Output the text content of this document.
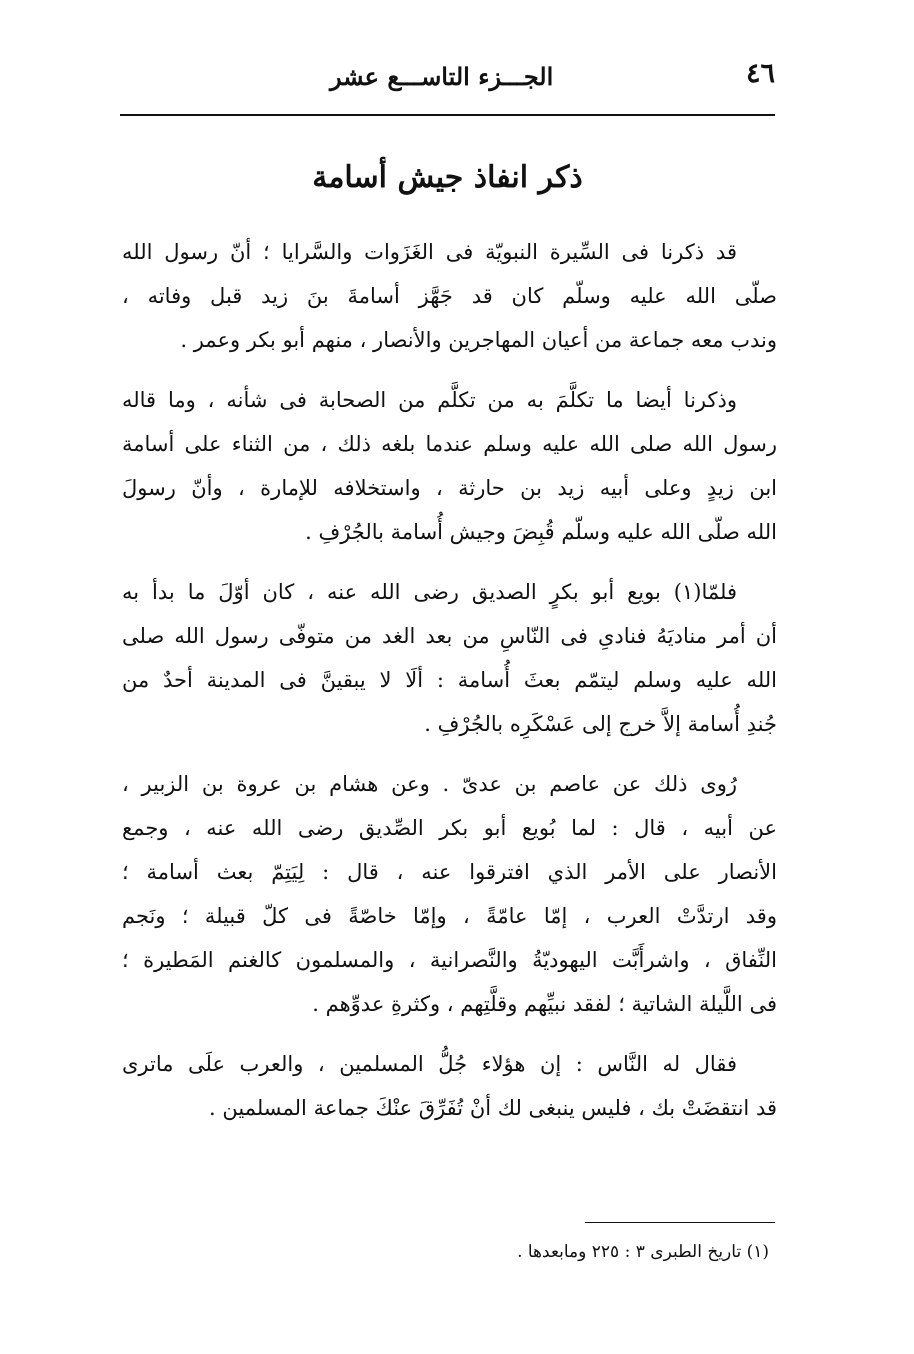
٤٦
الجـــزء التاســـع عشر
ذكر انفاذ جيش أسامة

قد ذكرنا فى السِّيرة النبويّة فى الغَزَوات والسَّرايا ؛ أنّ رسول الله
صلّى الله عليه وسلّم كان قد جَهَّز أسامةَ بنَ زيد قبل وفاته ،
وندب معه جماعة من أعيان المهاجرين والأنصار ، منهم أبو بكر وعمر .

وذكرنا أيضا ما تكلَّمَ به من تكلَّم من الصحابة فى شأنه ، وما قاله
رسول الله صلى الله عليه وسلم عندما بلغه ذلك ، من الثناء على أسامة
ابن زيدٍ وعلى أبيه زيد بن حارثة ، واستخلافه للإمارة ، وأنّ رسولَ
الله صلّى الله عليه وسلّم قُبِضَ وجيش أُسامة بالجُرْفِ .

فلمّا(١) بويع أبو بكرٍ الصديق رضى الله عنه ، كان أوّلَ ما بدأ به
أن أمر مناديَهُ فنادىِ فى النّاسِ من بعد الغد من متوفّى رسول الله صلى
الله عليه وسلم ليتمّم بعثَ أُسامة : ألَا لا يبقينَّ فى المدينة أحدٌ من
جُندِ أُسامة إلاَّ خرج إلى عَسْكَرِه بالجُرْفِ .

رُوى ذلك عن عاصم بن عدىّ . وعن هشام بن عروة بن الزبير ،
عن أبيه ، قال : لما بُويع أبو بكر الصِّديق رضى الله عنه ، وجمع
الأنصار على الأمر الذي افترقوا عنه ، قال : لِيَتِمّ بعث أسامة ؛
وقد ارتدَّتْ العرب ، إمّا عامّةً ، وإمّا خاصّةً فى كلّ قبيلة ؛ ونَجم
النِّفاق ، واشرأَبَّت اليهوديّةُ والنَّصرانية ، والمسلمون كالغنم المَطيرة ؛
فى اللَّيلة الشاتية ؛ لفقد نبيِّهم وقلَّتِهم ، وكثرةِ عدوِّهم .

فقال له النَّاس : إن هؤلاء جُلُّ المسلمين ، والعرب علَى ماترى
قد انتقضَتْ بك ، فليس ينبغى لك أنْ تُفَرِّقَ عنْكَ جماعة المسلمين .

(١) تاريخ الطبرى ٣ : ٢٢٥ ومابعدها .
